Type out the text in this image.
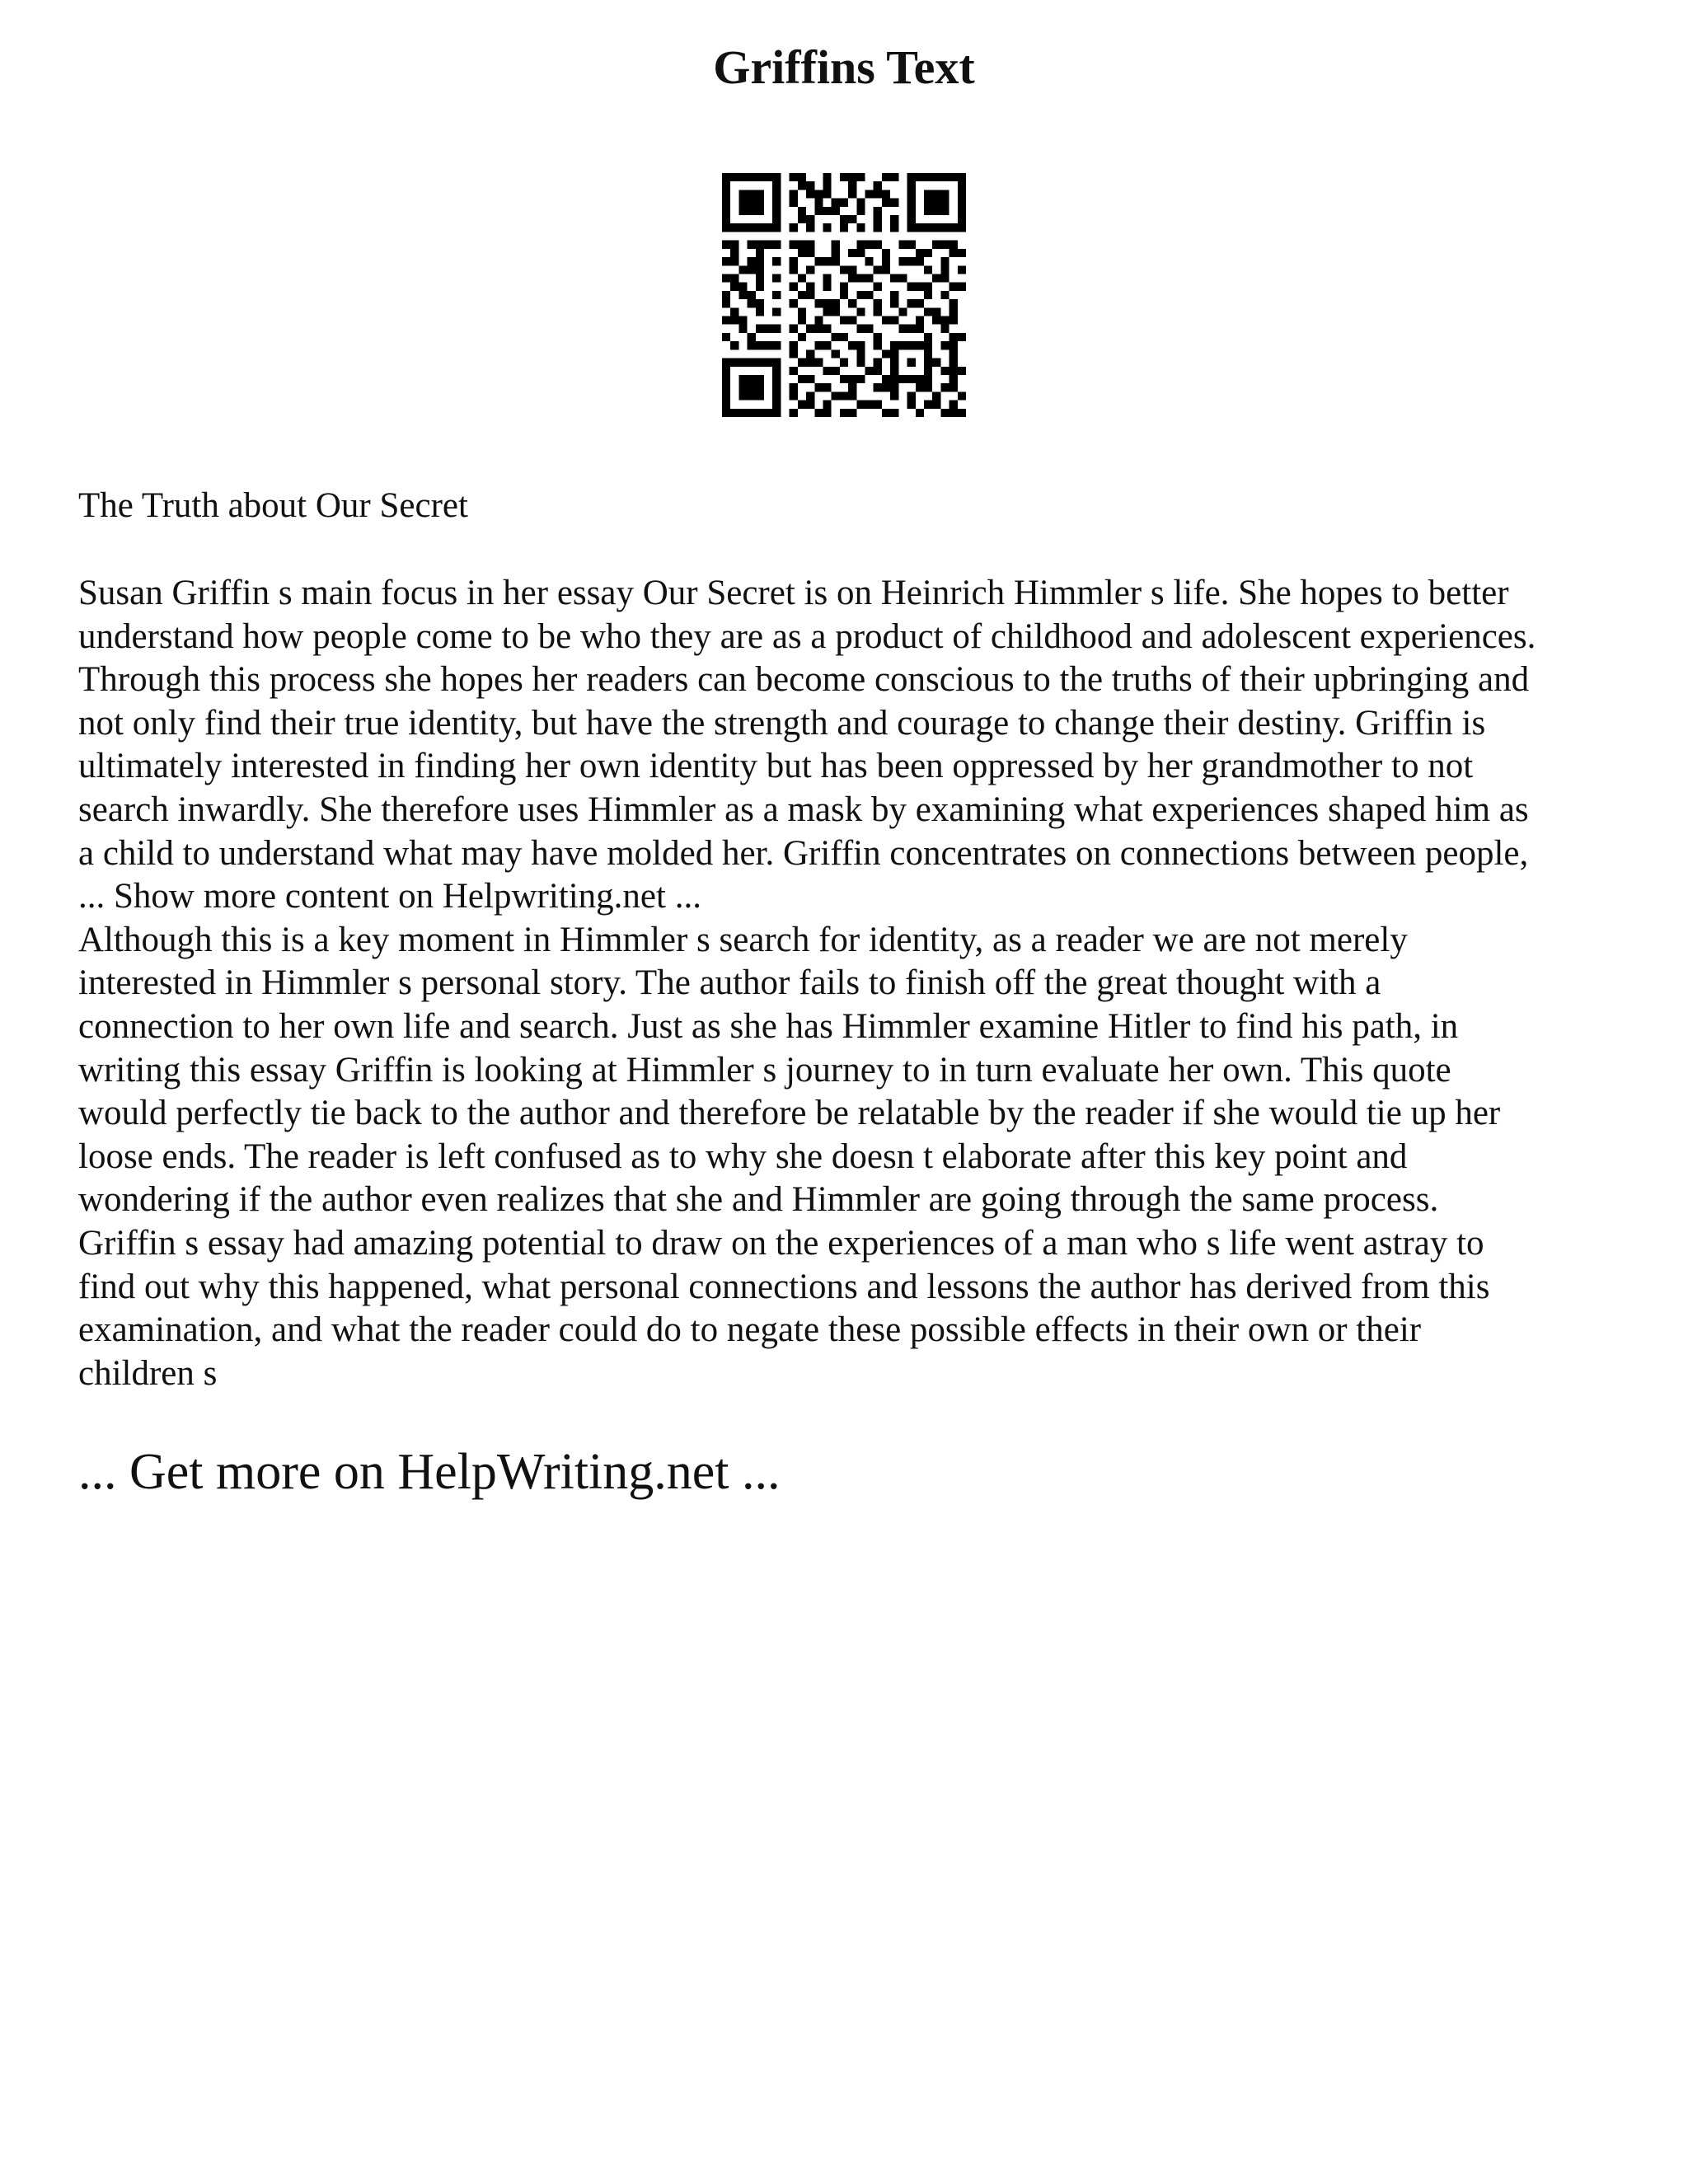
Griffins Text

The Truth about Our Secret

Susan Griffin s main focus in her essay Our Secret is on Heinrich Himmler s life. She hopes to better
understand how people come to be who they are as a product of childhood and adolescent experiences.
Through this process she hopes her readers can become conscious to the truths of their upbringing and
not only find their true identity, but have the strength and courage to change their destiny. Griffin is
ultimately interested in finding her own identity but has been oppressed by her grandmother to not
search inwardly. She therefore uses Himmler as a mask by examining what experiences shaped him as
a child to understand what may have molded her. Griffin concentrates on connections between people,
... Show more content on Helpwriting.net ...
Although this is a key moment in Himmler s search for identity, as a reader we are not merely
interested in Himmler s personal story. The author fails to finish off the great thought with a
connection to her own life and search. Just as she has Himmler examine Hitler to find his path, in
writing this essay Griffin is looking at Himmler s journey to in turn evaluate her own. This quote
would perfectly tie back to the author and therefore be relatable by the reader if she would tie up her
loose ends. The reader is left confused as to why she doesn t elaborate after this key point and
wondering if the author even realizes that she and Himmler are going through the same process.
Griffin s essay had amazing potential to draw on the experiences of a man who s life went astray to
find out why this happened, what personal connections and lessons the author has derived from this
examination, and what the reader could do to negate these possible effects in their own or their
children s

... Get more on HelpWriting.net ...
